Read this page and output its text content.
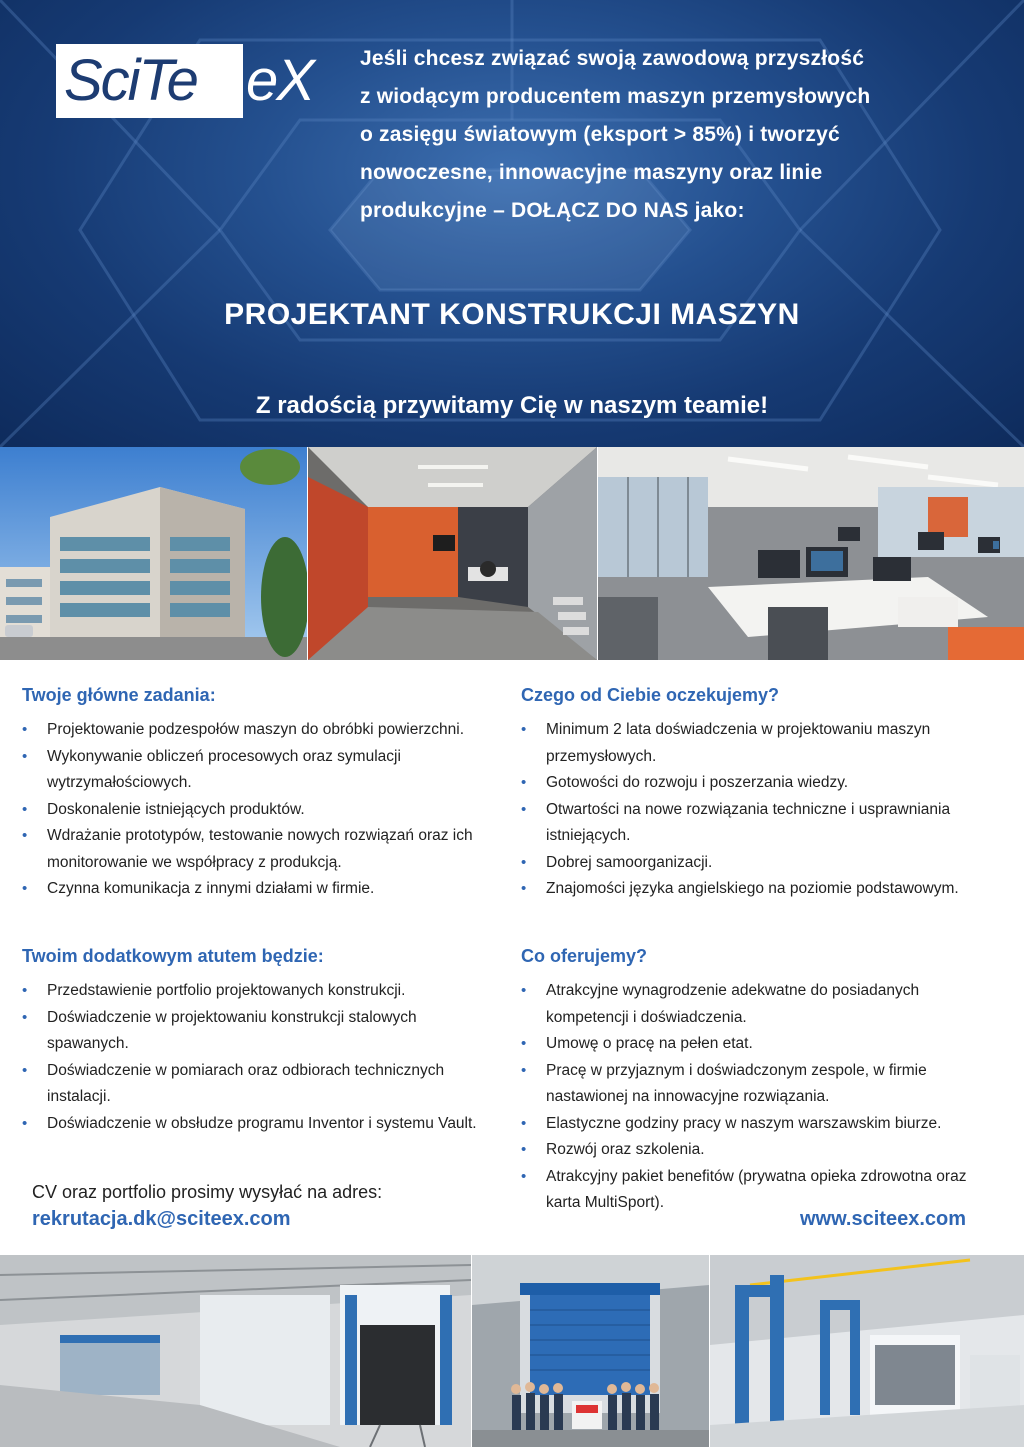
SciTe eX Jeśli chcesz związać swoją zawodową przyszłość
z wiodącym producentem maszyn przemysłowych
o zasięgu światowym (eksport > 85%) i tworzyć
nowoczesne, innowacyjne maszyny oraz linie
produkcyjne – DOŁĄCZ DO NAS jako:
PROJEKTANT KONSTRUKCJI MASZYN
Z radością przywitamy Cię w naszym teamie!
Twoje główne zadania:
• Projektowanie podzespołów maszyn do obróbki powierzchni.
• Wykonywanie obliczeń procesowych oraz symulacji wytrzymałościowych.
• Doskonalenie istniejących produktów.
• Wdrażanie prototypów, testowanie nowych rozwiązań oraz ich monitorowanie we współpracy z produkcją.
• Czynna komunikacja z innymi działami w firmie.
Twoim dodatkowym atutem będzie:
• Przedstawienie portfolio projektowanych konstrukcji.
• Doświadczenie w projektowaniu konstrukcji stalowych spawanych.
• Doświadczenie w pomiarach oraz odbiorach technicznych instalacji.
• Doświadczenie w obsłudze programu Inventor i systemu Vault.
Czego od Ciebie oczekujemy?
• Minimum 2 lata doświadczenia w projektowaniu maszyn przemysłowych.
• Gotowości do rozwoju i poszerzania wiedzy.
• Otwartości na nowe rozwiązania techniczne i usprawniania istniejących.
• Dobrej samoorganizacji.
• Znajomości języka angielskiego na poziomie podstawowym.
Co oferujemy?
• Atrakcyjne wynagrodzenie adekwatne do posiadanych kompetencji i doświadczenia.
• Umowę o pracę na pełen etat.
• Pracę w przyjaznym i doświadczonym zespole, w firmie nastawionej na innowacyjne rozwiązania.
• Elastyczne godziny pracy w naszym warszawskim biurze.
• Rozwój oraz szkolenia.
• Atrakcyjny pakiet benefitów (prywatna opieka zdrowotna oraz karta MultiSport).
CV oraz portfolio prosimy wysyłać na adres:
rekrutacja.dk@sciteex.com	www.sciteex.com
